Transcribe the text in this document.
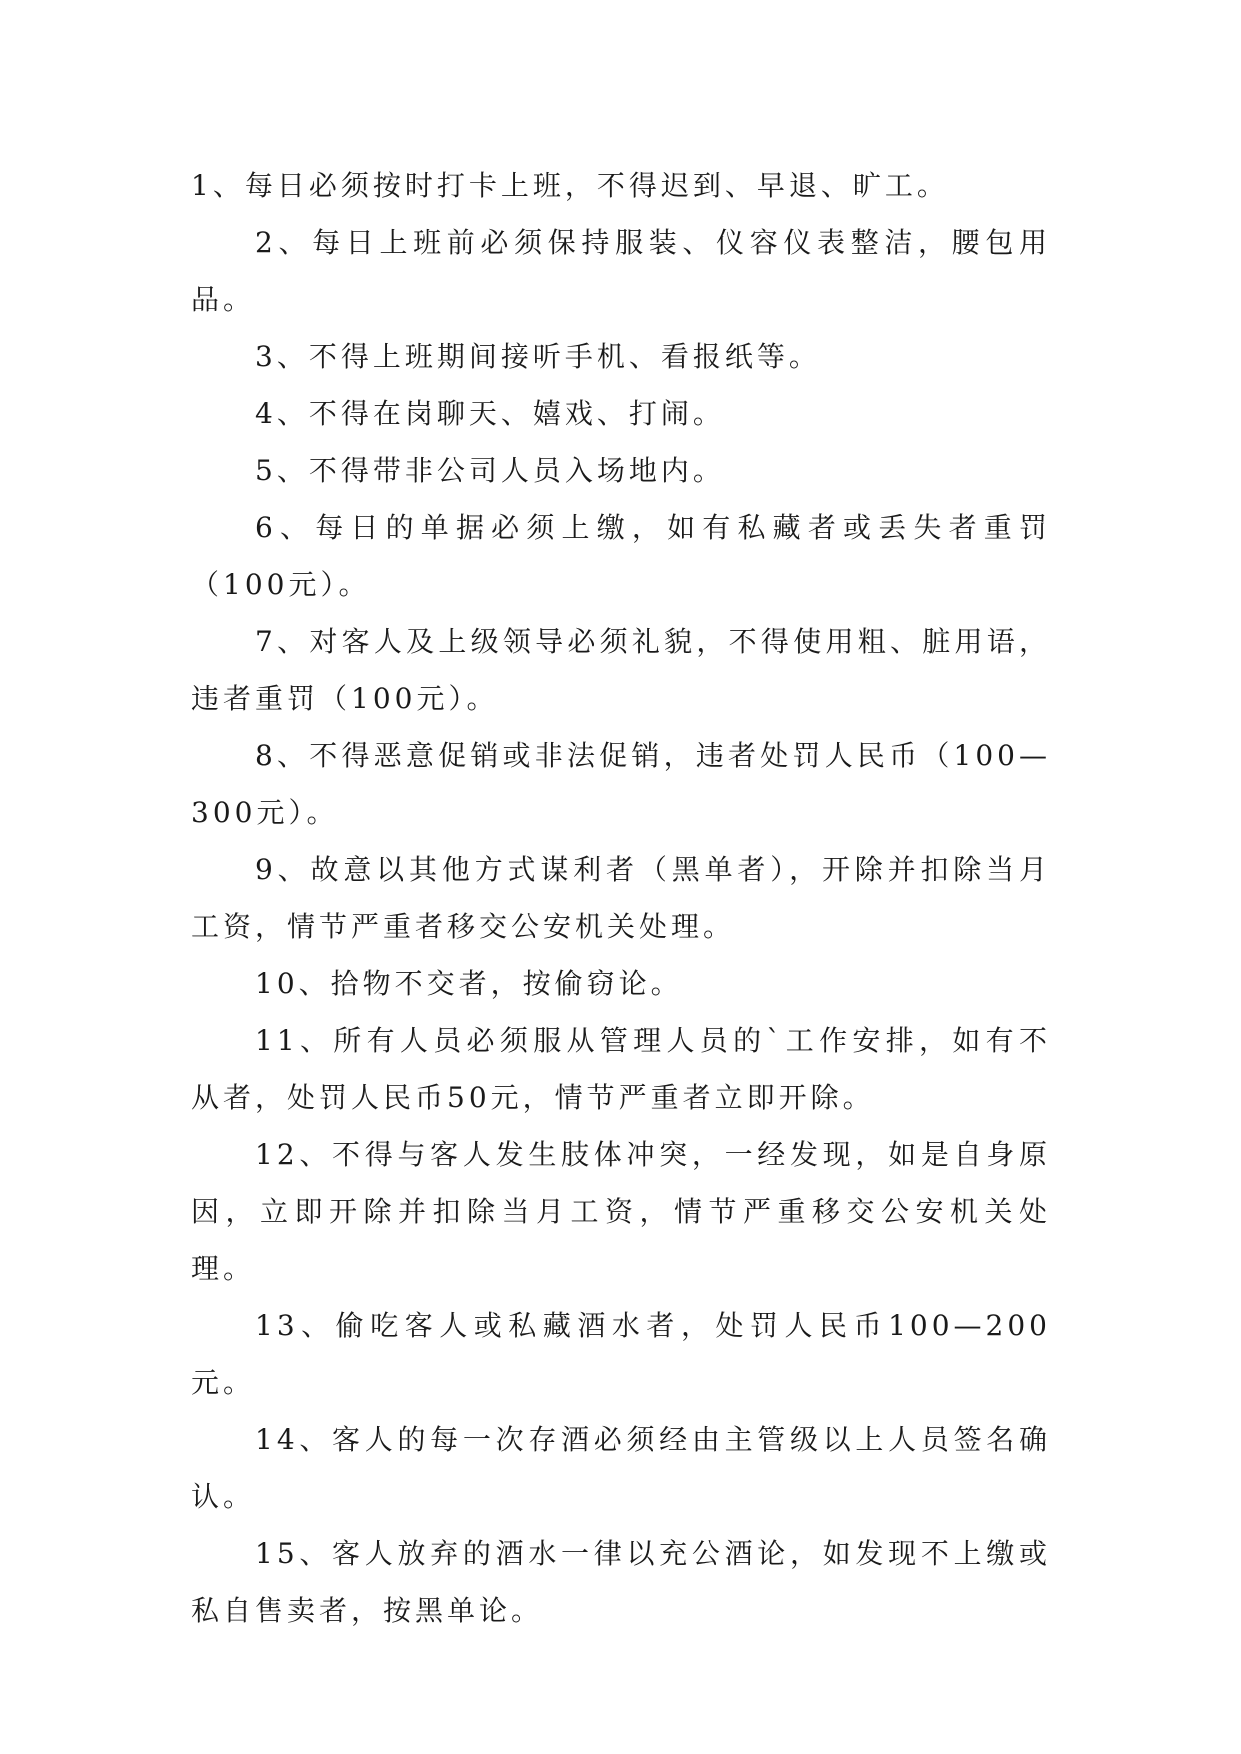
1、每日必须按时打卡上班，不得迟到、早退、旷工。

2、每日上班前必须保持服装、仪容仪表整洁，腰包用品。

3、不得上班期间接听手机、看报纸等。

4、不得在岗聊天、嬉戏、打闹。

5、不得带非公司人员入场地内。

6、每日的单据必须上缴，如有私藏者或丢失者重罚（100元）。

7、对客人及上级领导必须礼貌，不得使用粗、脏用语，违者重罚（100元）。

8、不得恶意促销或非法促销，违者处罚人民币（100—300元）。

9、故意以其他方式谋利者（黑单者），开除并扣除当月工资，情节严重者移交公安机关处理。

10、拾物不交者，按偷窃论。

11、所有人员必须服从管理人员的`工作安排，如有不从者，处罚人民币50元，情节严重者立即开除。

12、不得与客人发生肢体冲突，一经发现，如是自身原因，立即开除并扣除当月工资，情节严重移交公安机关处理。

13、偷吃客人或私藏酒水者，处罚人民币100—200元。

14、客人的每一次存酒必须经由主管级以上人员签名确认。

15、客人放弃的酒水一律以充公酒论，如发现不上缴或私自售卖者，按黑单论。
